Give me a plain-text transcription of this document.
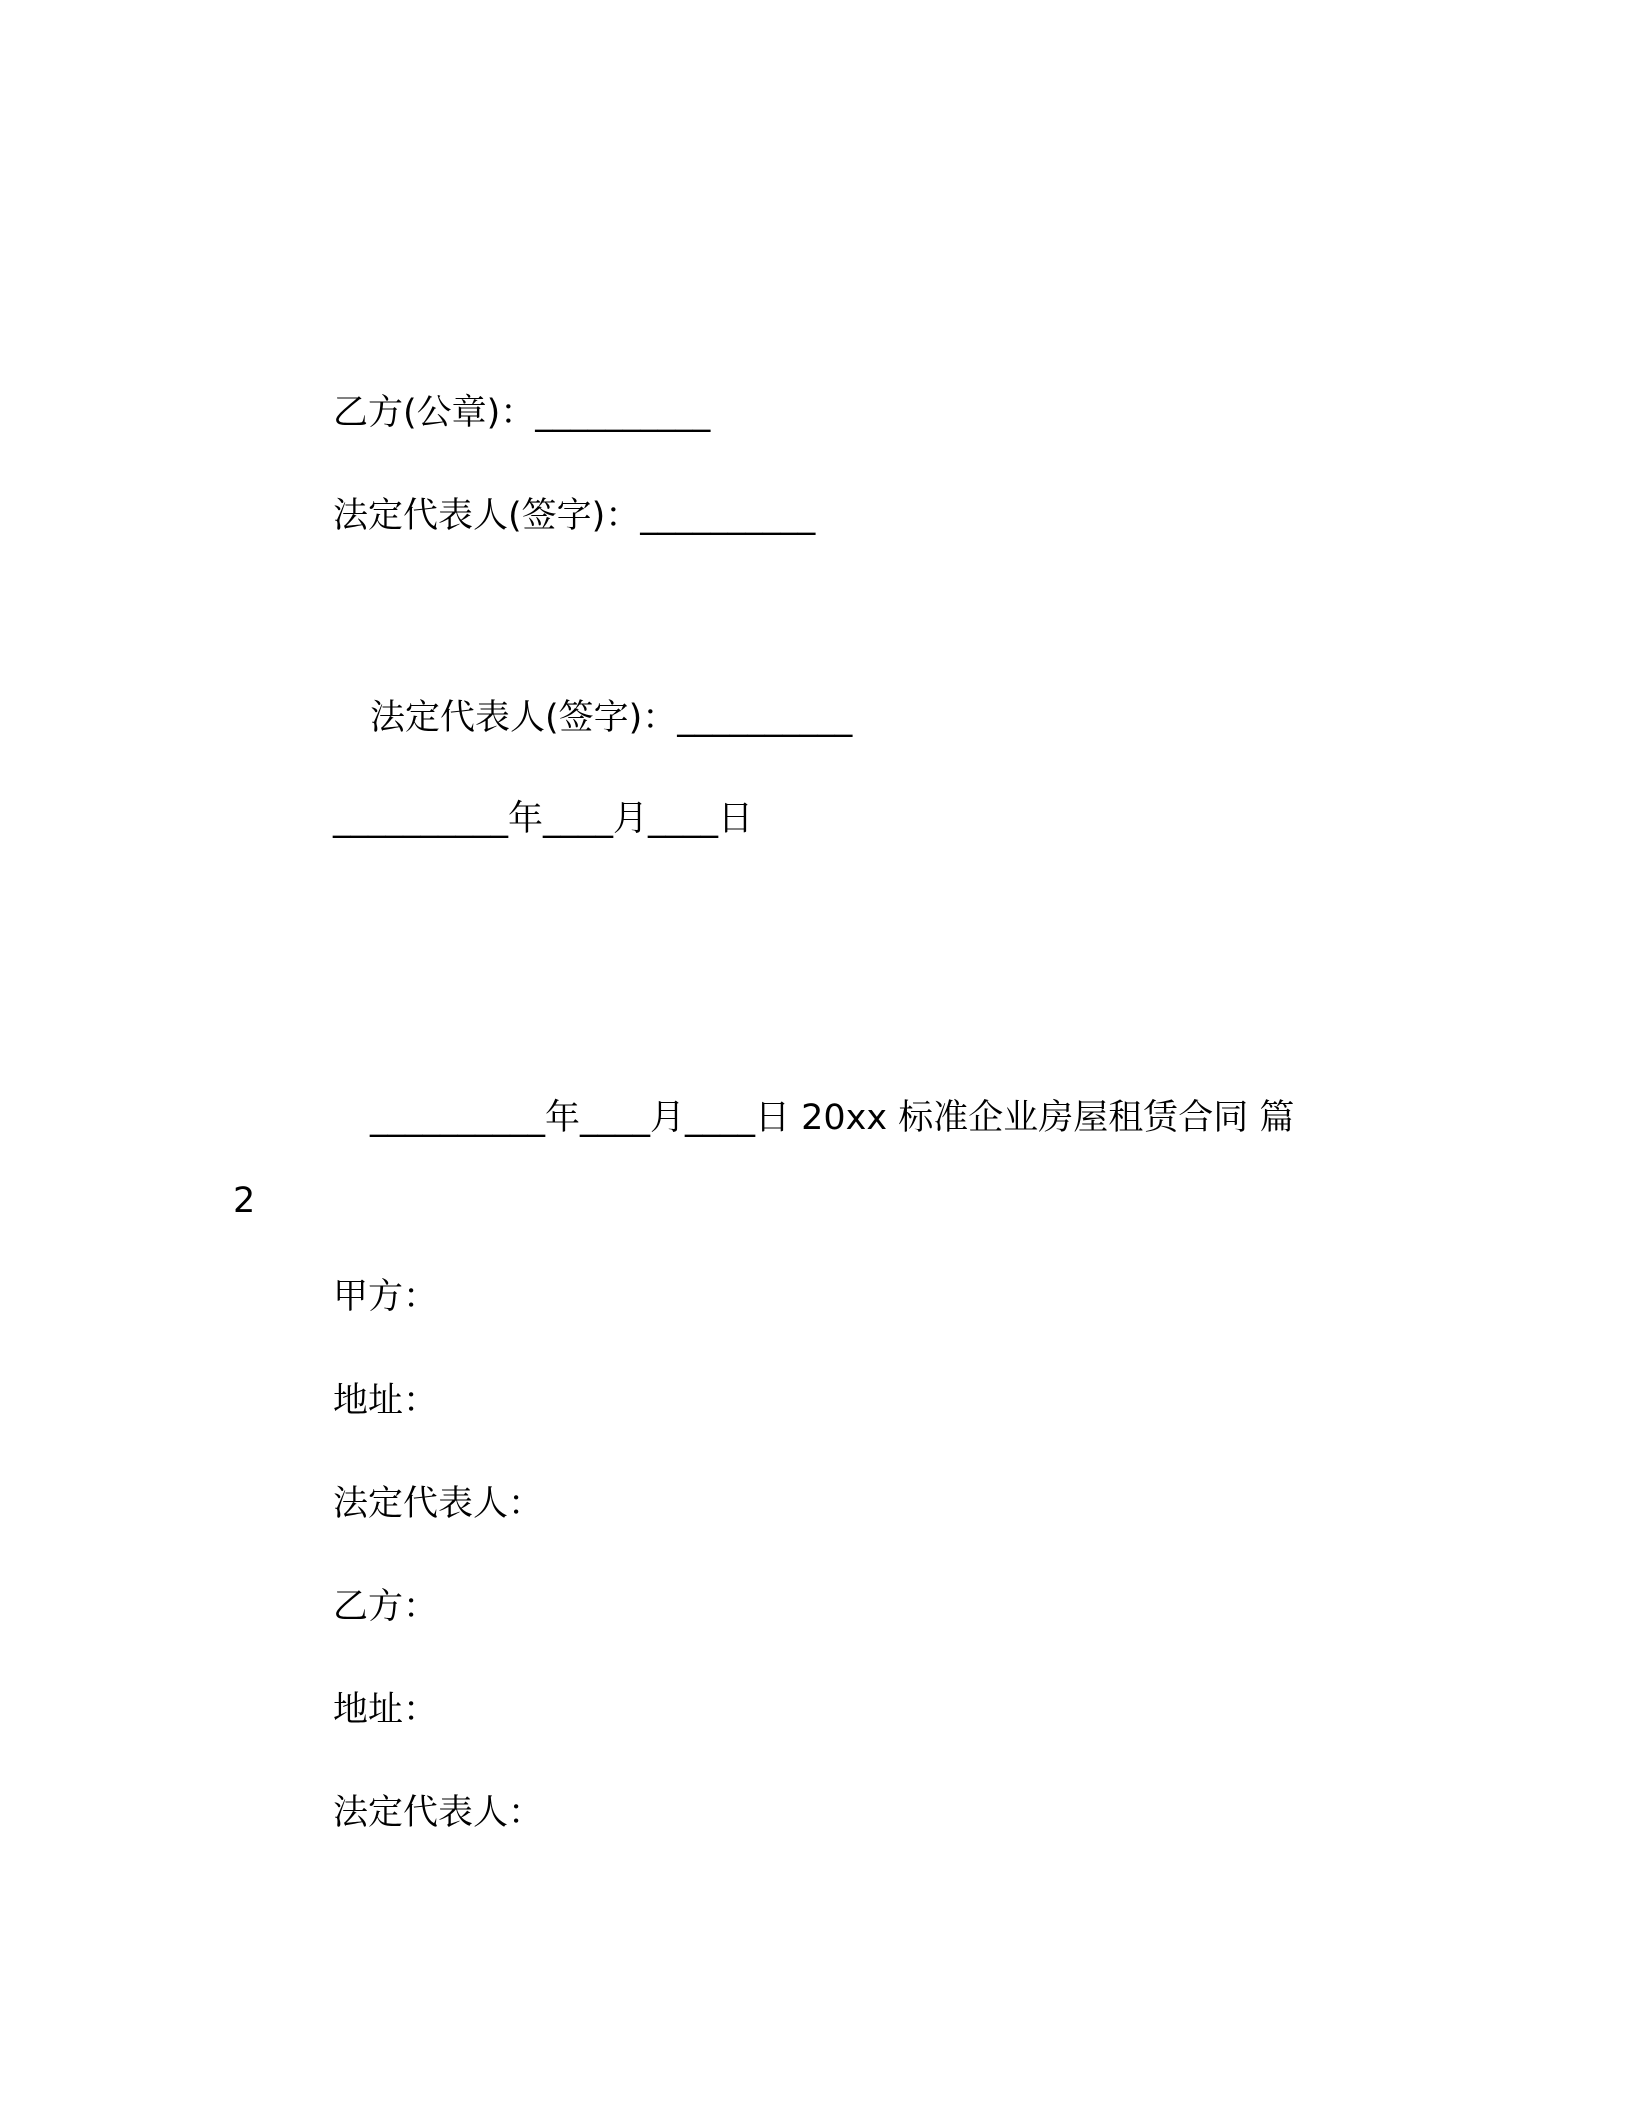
乙方(公章)：__________

法定代表人(签字)：__________

法定代表人(签字)：__________

__________年____月____日

__________年____月____日 20xx 标准企业房屋租赁合同 篇

2

甲方：

地址：

法定代表人：

乙方：

地址：

法定代表人：
